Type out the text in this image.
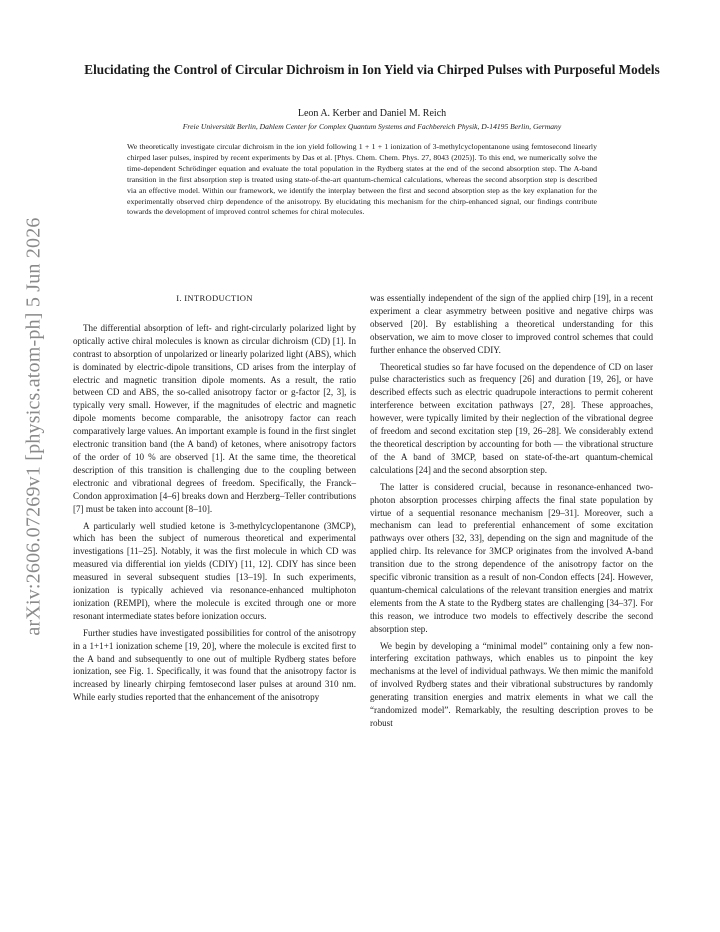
arXiv:2606.07269v1 [physics.atom-ph] 5 Jun 2026
Elucidating the Control of Circular Dichroism in Ion Yield via Chirped Pulses with Purposeful Models
Leon A. Kerber and Daniel M. Reich
Freie Universität Berlin, Dahlem Center for Complex Quantum Systems and Fachbereich Physik, D-14195 Berlin, Germany
We theoretically investigate circular dichroism in the ion yield following 1 + 1 + 1 ionization of 3-methylcyclopentanone using femtosecond linearly chirped laser pulses, inspired by recent experiments by Das et al. [Phys. Chem. Chem. Phys. 27, 8043 (2025)]. To this end, we numerically solve the time-dependent Schrödinger equation and evaluate the total population in the Rydberg states at the end of the second absorption step. The A-band transition in the first absorption step is treated using state-of-the-art quantum-chemical calculations, whereas the second absorption step is described via an effective model. Within our framework, we identify the interplay between the first and second absorption step as the key explanation for the experimentally observed chirp dependence of the anisotropy. By elucidating this mechanism for the chirp-enhanced signal, our findings contribute towards the development of improved control schemes for chiral molecules.
I. INTRODUCTION

The differential absorption of left- and right-circularly polarized light by optically active chiral molecules is known as circular dichroism (CD) [1]. In contrast to absorption of unpolarized or linearly polarized light (ABS), which is dominated by electric-dipole transitions, CD arises from the interplay of electric and magnetic transition dipole moments. As a result, the ratio between CD and ABS, the so-called anisotropy factor or g-factor [2, 3], is typically very small. However, if the magnitudes of electric and magnetic dipole moments become comparable, the anisotropy factor can reach comparatively large values. An important example is found in the first singlet electronic transition band (the A band) of ketones, where anisotropy factors of the order of 10 % are observed [1]. At the same time, the theoretical description of this transition is challenging due to the coupling between electronic and vibrational degrees of freedom. Specifically, the Franck–Condon approximation [4–6] breaks down and Herzberg–Teller contributions [7] must be taken into account [8–10].

A particularly well studied ketone is 3-methylcyclopentanone (3MCP), which has been the subject of numerous theoretical and experimental investigations [11–25]. Notably, it was the first molecule in which CD was measured via differential ion yields (CDIY) [11, 12]. CDIY has since been measured in several subsequent studies [13–19]. In such experiments, ionization is typically achieved via resonance-enhanced multiphoton ionization (REMPI), where the molecule is excited through one or more resonant intermediate states before ionization occurs.

Further studies have investigated possibilities for control of the anisotropy in a 1+1+1 ionization scheme [19, 20], where the molecule is excited first to the A band and subsequently to one out of multiple Rydberg states before ionization, see Fig. 1. Specifically, it was found that the anisotropy factor is increased by linearly chirping femtosecond laser pulses at around 310 nm. While early studies reported that the enhancement of the anisotropy

was essentially independent of the sign of the applied chirp [19], in a recent experiment a clear asymmetry between positive and negative chirps was observed [20]. By establishing a theoretical understanding for this observation, we aim to move closer to improved control schemes that could further enhance the observed CDIY.

Theoretical studies so far have focused on the dependence of CD on laser pulse characteristics such as frequency [26] and duration [19, 26], or have described effects such as electric quadrupole interactions to permit coherent interference between excitation pathways [27, 28]. These approaches, however, were typically limited by their neglection of the vibrational degree of freedom and second excitation step [19, 26–28]. We considerably extend the theoretical description by accounting for both — the vibrational structure of the A band of 3MCP, based on state-of-the-art quantum-chemical calculations [24] and the second absorption step.

The latter is considered crucial, because in resonance-enhanced two-photon absorption processes chirping affects the final state population by virtue of a sequential resonance mechanism [29–31]. Moreover, such a mechanism can lead to preferential enhancement of some excitation pathways over others [32, 33], depending on the sign and magnitude of the applied chirp. Its relevance for 3MCP originates from the involved A-band transition due to the strong dependence of the anisotropy factor on the specific vibronic transition as a result of non-Condon effects [24]. However, quantum-chemical calculations of the relevant transition energies and matrix elements from the A state to the Rydberg states are challenging [34–37]. For this reason, we introduce two models to effectively describe the second absorption step.

We begin by developing a “minimal model” containing only a few non-interfering excitation pathways, which enables us to pinpoint the key mechanisms at the level of individual pathways. We then mimic the manifold of involved Rydberg states and their vibrational substructures by randomly generating transition energies and matrix elements in what we call the “randomized model”. Remarkably, the resulting description proves to be robust
